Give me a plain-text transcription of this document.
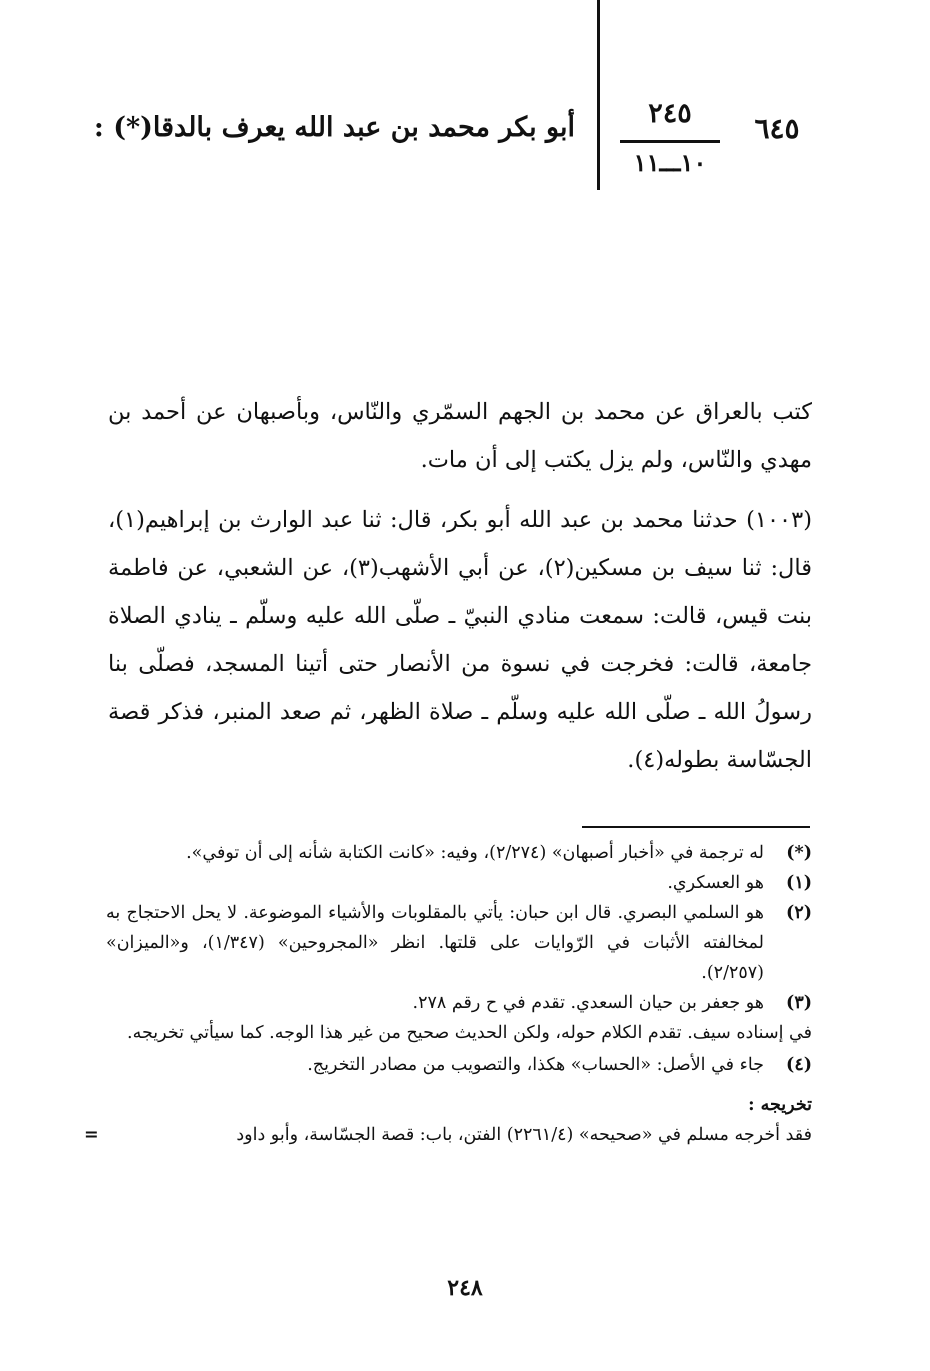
٦٤٥
٢٤٥
١٠ـــ١١
أبو بكر محمد بن عبد الله يعرف بالدقا(*) :

كتب بالعراق عن محمد بن الجهم السمّري والنّاس، وبأصبهان عن أحمد بن مهدي والنّاس، ولم يزل يكتب إلى أن مات.

(١٠٠٣) حدثنا محمد بن عبد الله أبو بكر، قال: ثنا عبد الوارث بن إبراهيم(١)، قال: ثنا سيف بن مسكين(٢)، عن أبي الأشهب(٣)، عن الشعبي، عن فاطمة بنت قيس، قالت: سمعت منادي النبيّ ـ صلّى الله عليه وسلّم ـ ينادي الصلاة جامعة، قالت: فخرجت في نسوة من الأنصار حتى أتينا المسجد، فصلّى بنا رسولُ الله ـ صلّى الله عليه وسلّم ـ صلاة الظهر، ثم صعد المنبر، فذكر قصة الجسّاسة بطوله(٤).

(*)
له ترجمة في «أخبار أصبهان» (٢/٢٧٤)، وفيه: «كانت الكتابة شأنه إلى أن توفي».
(١)
هو العسكري.
(٢)
هو السلمي البصري. قال ابن حبان: يأتي بالمقلوبات والأشياء الموضوعة. لا يحل الاحتجاج به لمخالفته الأثبات في الرّوايات على قلتها. انظر «المجروحين» (١/٣٤٧)، و«الميزان» (٢/٢٥٧).
(٣)
هو جعفر بن حيان السعدي. تقدم في ح رقم ٢٧٨.
في إسناده سيف. تقدم الكلام حوله، ولكن الحديث صحيح من غير هذا الوجه. كما سيأتي تخريجه.
(٤)
جاء في الأصل: «الحساب» هكذا، والتصويب من مصادر التخريج.
تخريجه :
فقد أخرجه مسلم في «صحيحه» (٢٢٦١/٤) الفتن، باب: قصة الجسّاسة، وأبو داود
=
٢٤٨
